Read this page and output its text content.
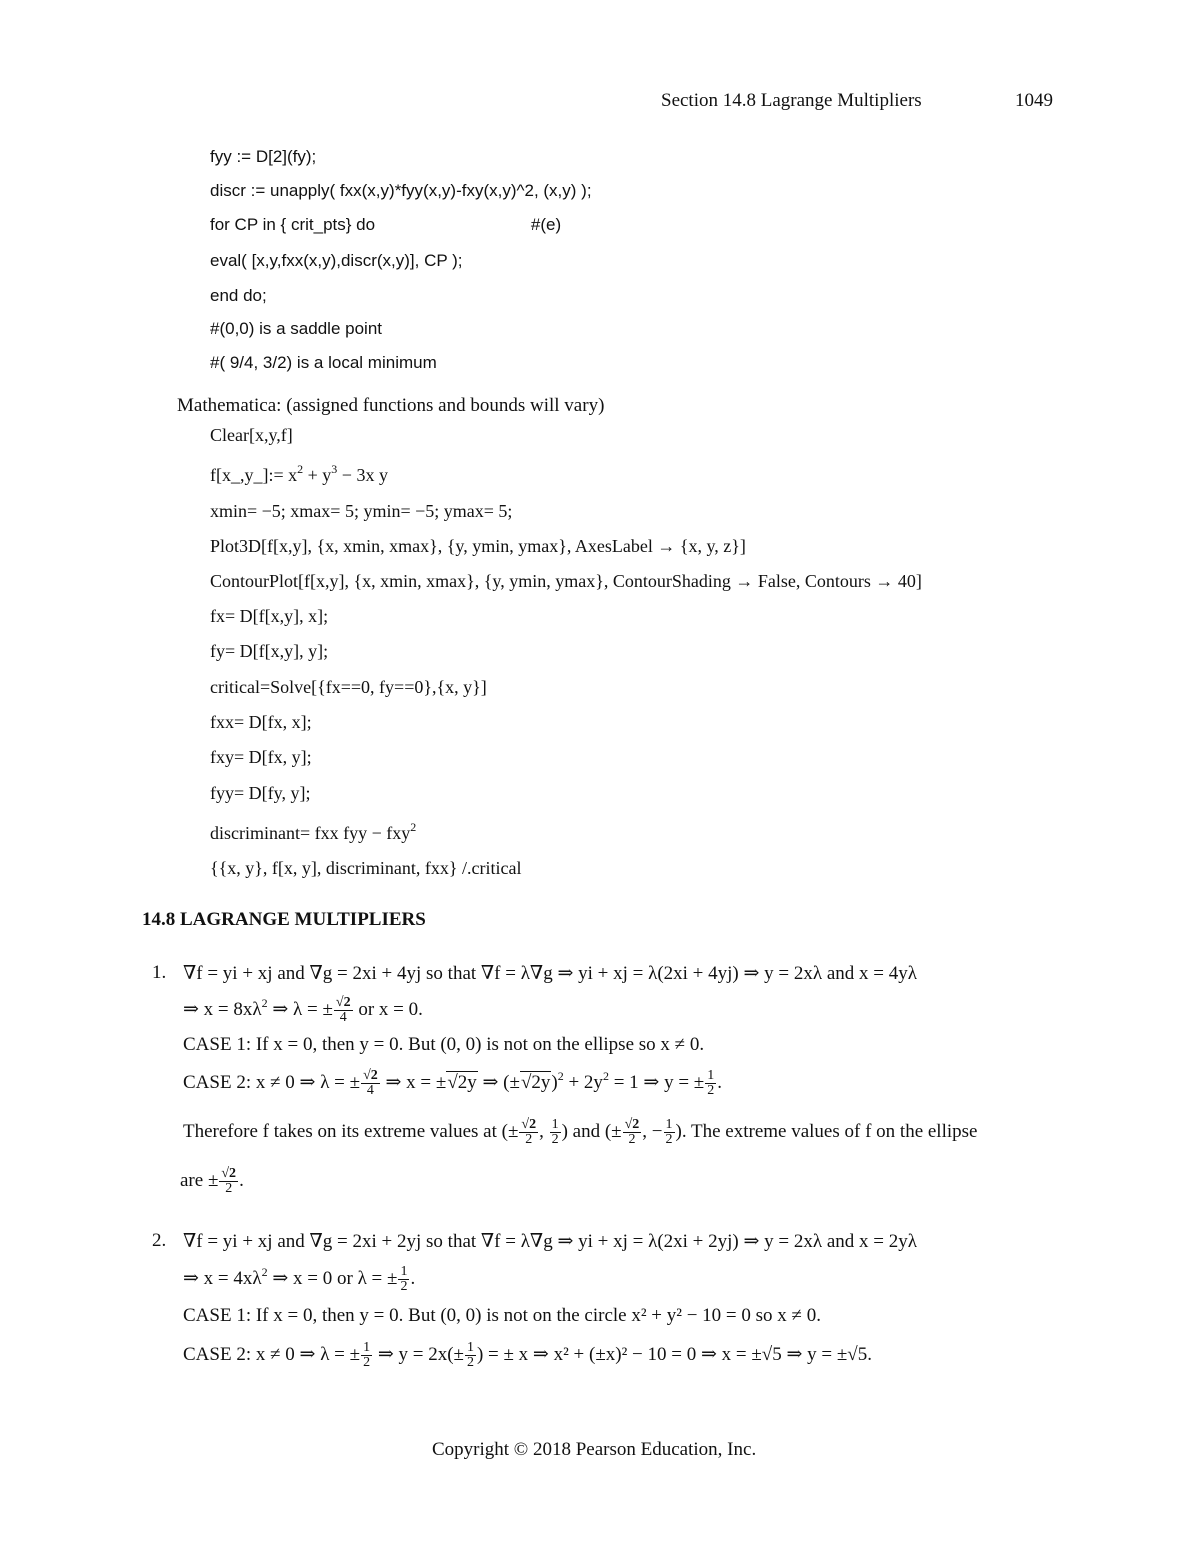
Section 14.8 Lagrange Multipliers	1049
fyy := D[2](fy);
discr := unapply( fxx(x,y)*fyy(x,y)-fxy(x,y)^2, (x,y) );
for CP in { crit_pts} do                                 #(e)
eval( [x,y,fxx(x,y),discr(x,y)], CP );
end do;
#(0,0) is a saddle point
#( 9/4, 3/2) is a local minimum
Mathematica: (assigned functions and bounds will vary)
Clear[x,y,f]
f[x_,y_]:= $x^2 + y^3 - 3x$ y
xmin= −5; xmax= 5; ymin= −5; ymax= 5;
Plot3D[f[x,y], {x, xmin, xmax}, {y, ymin, ymax}, AxesLabel → {x, y, z}]
ContourPlot[f[x,y], {x, xmin, xmax}, {y, ymin, ymax}, ContourShading → False, Contours → 40]
fx= D[f[x,y], x];
fy= D[f[x,y], y];
critical=Solve[{fx==0, fy==0},{x, y}]
fxx= D[fx, x];
fxy= D[fx, y];
fyy= D[fy, y];
discriminant= fxx fyy − fxy$^2$
{{x, y}, f[x, y], discriminant, fxx} /.critical
14.8 LAGRANGE MULTIPLIERS
1. ∇f = yi + xj and ∇g = 2xi + 4yj so that ∇f = λ∇g ⇒ yi + xj = λ(2xi + 4yj) ⇒ y = 2xλ and x = 4yλ
⇒ $x = 8x\lambda^2$ ⇒ λ = ± $\frac{√2}{4}$ or x = 0.
CASE 1: If x = 0, then y = 0. But (0, 0) is not on the ellipse so x ≠ 0.
CASE 2: x ≠ 0 ⇒ λ = ± $\frac{√2}{4}$ ⇒ x = ±√2y ⇒ $(\pm√2y)^2 + 2y^2 = 1$ ⇒ y = ± $\frac{1}{2}$ .
Therefore f takes on its extreme values at (± $\frac{√2}{2}$ , $\frac{1}{2}$ ) and (± $\frac{√2}{2}$ , − $\frac{1}{2}$ ). The extreme values of f on the ellipse
are ± $\frac{√2}{2}$ .
2. ∇f = yi + xj and ∇g = 2xi + 2yj so that ∇f = λ∇g ⇒ yi + xj = λ(2xi + 2yj) ⇒ y = 2xλ and x = 2yλ
⇒ $x = 4x\lambda^2$ ⇒ x = 0 or λ = ± $\frac{1}{2}$ .
CASE 1: If x = 0, then y = 0. But (0, 0) is not on the circle x² + y² − 10 = 0 so x ≠ 0.
CASE 2: x ≠ 0 ⇒ λ = ± $\frac{1}{2}$ ⇒ $y = 2x(\pm \frac{1}{2}$ ) = ± x ⇒ x² + (±x)² − 10 = 0 ⇒ x = ±√5 ⇒ y = ±√5.
Copyright © 2018 Pearson Education, Inc.
